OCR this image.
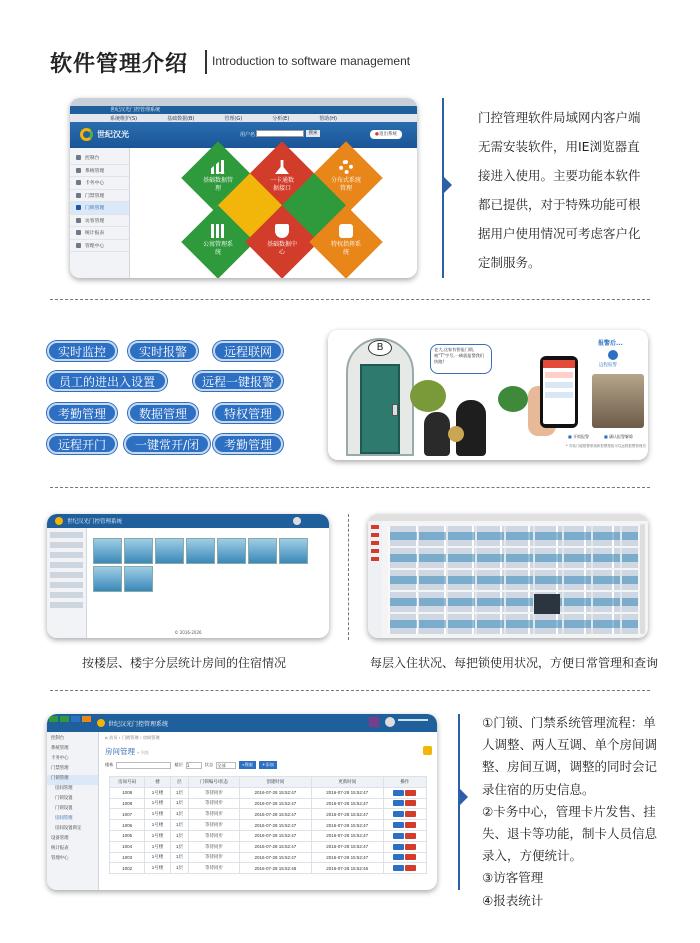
软件管理介绍 Introduction to software management
世纪汉光门控管理系统
系统维护(S)	基础数据(B)	管理(G)	分析(E)	帮助(H)
世纪汉光	用户名	搜索	●退出系统
控制台
系统管理
卡务中心
门禁管理
门锁管理
访客管理
统计报表
管理中心
基础数据管理
一卡通数据接口
分布式系统管理
公寓管理系统
基础数据中心
特权指挥系统
门控管理软件局域网内客户端无需安装软件，用IE浏览器直接进入使用。主要功能本软件都已提供，对于特殊功能可根据用户使用情况可考虑客户化定制服务。
实时监控	实时报警	远程联网
员工的进出入设置	远程一键报警
考勤管理	数据管理	特权管理
远程开门	一键常开/闭	考勤管理
B	老大,这家有智能门锁,被“T”字号,一刷就报警我们快跑!
报警后...
远程报警
■ 开锁报警	■ 确认报警解除
* 安装门磁报警系统和报警按钮可以远程报警管理员
世纪汉光门控管理系统
© 2016-2026
按楼层、楼宇分层统计房间的住宿情况	每层入住状况、每把锁使用状况，方便日常管理和查询
世纪汉光门控管理系统
控制台
系统管理
卡务中心
门禁管理
门锁管理
房间管理
门锁设置
门锁设置
房间管理
房间设置锁定
设备管理
统计报表
管理中心
⌂ 首页 › 门锁管理 › 房间管理
房间管理 » 列表
楼栋	楼层 1	状态 全部	⌕搜索	+添加
房间号码	楼	层	门锁编号/状态	创建时间	更新时间	操作
1008	1号楼	1层	等待同步	2016-07-28 15:52:47	2016-07-28 15:52:47	
1008	1号楼	1层	等待同步	2016-07-28 15:52:47	2016-07-28 15:52:47	
1007	1号楼	1层	等待同步	2016-07-28 15:52:47	2016-07-28 15:52:47	
1006	1号楼	1层	等待同步	2016-07-28 15:52:47	2016-07-28 15:52:47	
1005	1号楼	1层	等待同步	2016-07-28 15:52:47	2016-07-28 15:52:47	
1004	1号楼	1层	等待同步	2016-07-28 15:52:47	2016-07-28 15:52:47	
1003	1号楼	1层	等待同步	2016-07-28 15:52:47	2016-07-28 15:52:47	
1002	1号楼	1层	等待同步	2016-07-28 15:52:46	2016-07-28 15:52:46	
①门锁、门禁系统管理流程：单
人调整、两人互调、单个房间调
整、房间互调，调整的同时会记
录住宿的历史信息。
②卡务中心，管理卡片发售、挂
失、退卡等功能，制卡人员信息
录入，方便统计。
③访客管理
④报表统计
